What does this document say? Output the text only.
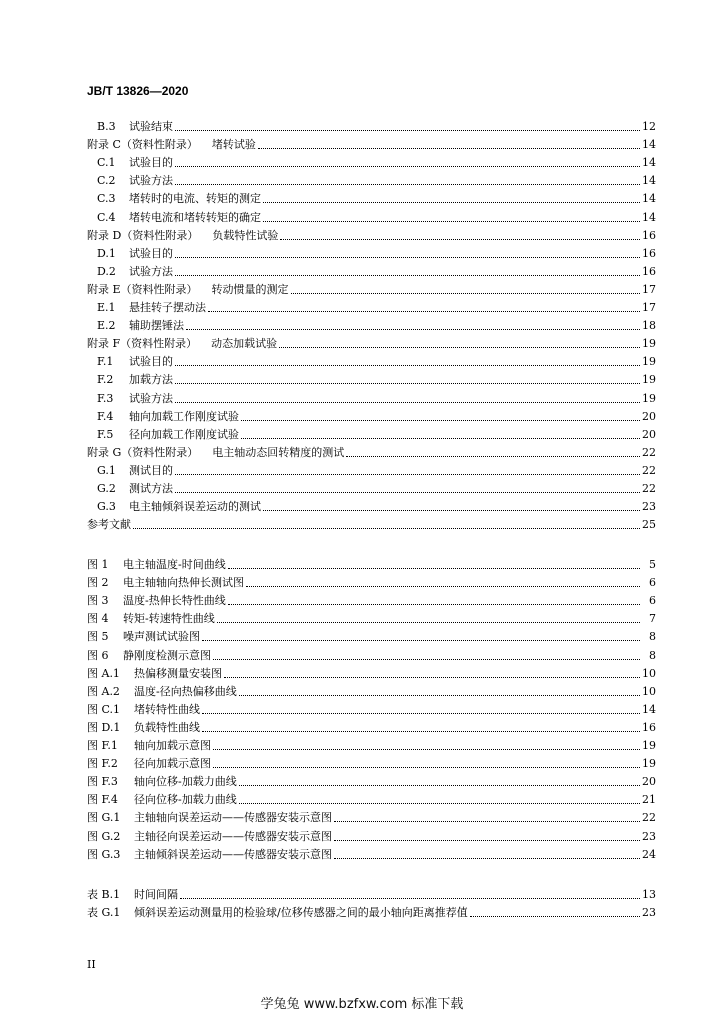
JB/T 13826—2020
B.3	试验结束	12
附录 C（资料性附录） 堵转试验	14
C.1	试验目的	14
C.2	试验方法	14
C.3	堵转时的电流、转矩的测定	14
C.4	堵转电流和堵转转矩的确定	14
附录 D（资料性附录） 负载特性试验	16
D.1	试验目的	16
D.2	试验方法	16
附录 E（资料性附录） 转动惯量的测定	17
E.1	悬挂转子摆动法	17
E.2	辅助摆锤法	18
附录 F（资料性附录） 动态加载试验	19
F.1	试验目的	19
F.2	加载方法	19
F.3	试验方法	19
F.4	轴向加载工作刚度试验	20
F.5	径向加载工作刚度试验	20
附录 G（资料性附录） 电主轴动态回转精度的测试	22
G.1	测试目的	22
G.2	测试方法	22
G.3	电主轴倾斜误差运动的测试	23
参考文献	25
图 1	电主轴温度-时间曲线	5
图 2	电主轴轴向热伸长测试图	6
图 3	温度-热伸长特性曲线	6
图 4	转矩-转速特性曲线	7
图 5	噪声测试试验图	8
图 6	静刚度检测示意图	8
图 A.1	热偏移测量安装图	10
图 A.2	温度-径向热偏移曲线	10
图 C.1	堵转特性曲线	14
图 D.1	负载特性曲线	16
图 F.1	轴向加载示意图	19
图 F.2	径向加载示意图	19
图 F.3	轴向位移-加载力曲线	20
图 F.4	径向位移-加载力曲线	21
图 G.1	主轴轴向误差运动——传感器安装示意图	22
图 G.2	主轴径向误差运动——传感器安装示意图	23
图 G.3	主轴倾斜误差运动——传感器安装示意图	24
表 B.1	时间间隔	13
表 G.1	倾斜误差运动测量用的检验球/位移传感器之间的最小轴向距离推荐值	23
II
学兔兔 www.bzfxw.com 标准下载
